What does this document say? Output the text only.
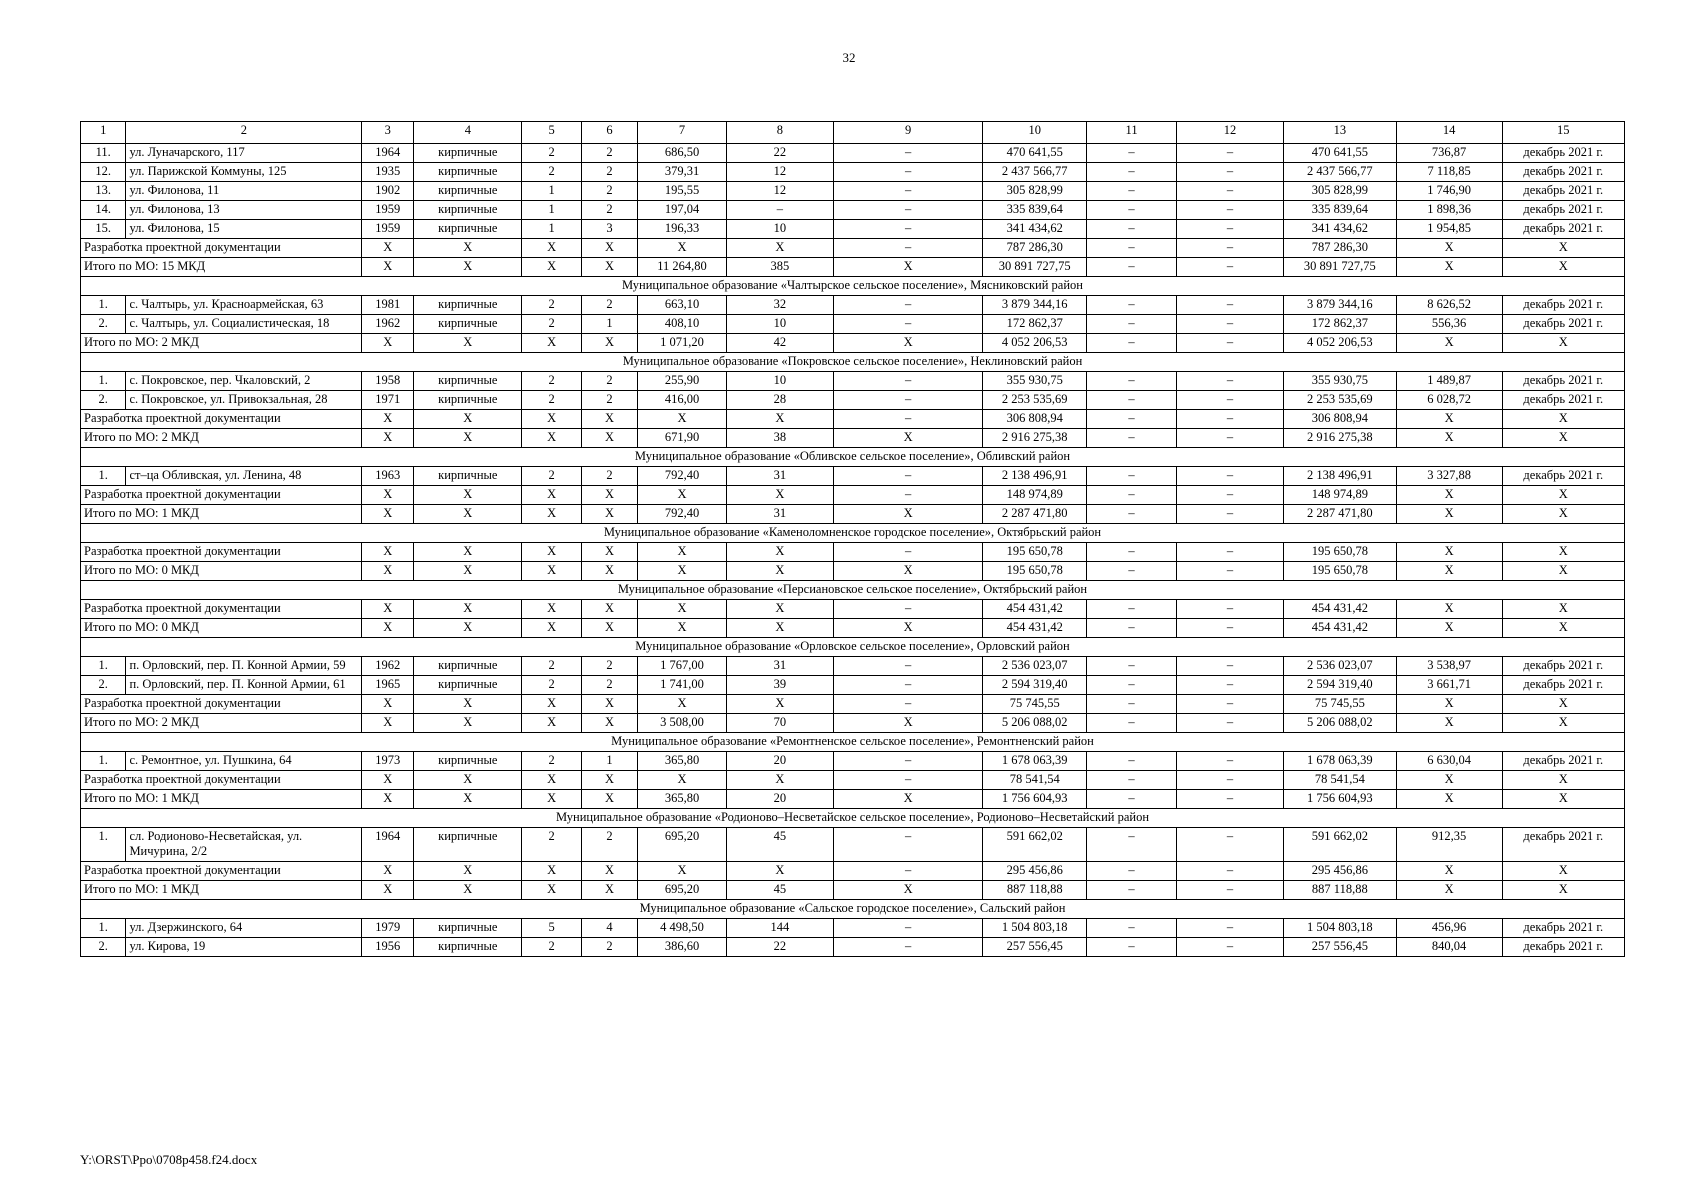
32
1	2	3	4	5	6	7	8	9	10	11	12	13	14	15
11.	ул. Луначарского, 117	1964	кирпичные	2	2	686,50	22	–	470 641,55	–	–	470 641,55	736,87	декабрь 2021 г.
12.	ул. Парижской Коммуны, 125	1935	кирпичные	2	2	379,31	12	–	2 437 566,77	–	–	2 437 566,77	7 118,85	декабрь 2021 г.
13.	ул. Филонова, 11	1902	кирпичные	1	2	195,55	12	–	305 828,99	–	–	305 828,99	1 746,90	декабрь 2021 г.
14.	ул. Филонова, 13	1959	кирпичные	1	2	197,04	–	–	335 839,64	–	–	335 839,64	1 898,36	декабрь 2021 г.
15.	ул. Филонова, 15	1959	кирпичные	1	3	196,33	10	–	341 434,62	–	–	341 434,62	1 954,85	декабрь 2021 г.
Разработка проектной документации		X	X	X	X	X	X	–	787 286,30	–	–	787 286,30	X	X
Итого по МО: 15 МКД		X	X	X	X	11 264,80	385	X	30 891 727,75	–	–	30 891 727,75	X	X
Муниципальное образование «Чалтырское сельское поселение», Мясниковский район														
1.	с. Чалтырь, ул. Красноармейская, 63	1981	кирпичные	2	2	663,10	32	–	3 879 344,16	–	–	3 879 344,16	8 626,52	декабрь 2021 г.
2.	с. Чалтырь, ул. Социалистическая, 18	1962	кирпичные	2	1	408,10	10	–	172 862,37	–	–	172 862,37	556,36	декабрь 2021 г.
Итого по МО: 2 МКД		X	X	X	X	1 071,20	42	X	4 052 206,53	–	–	4 052 206,53	X	X
Муниципальное образование «Покровское сельское поселение», Неклиновский район														
1.	с. Покровское, пер. Чкаловский, 2	1958	кирпичные	2	2	255,90	10	–	355 930,75	–	–	355 930,75	1 489,87	декабрь 2021 г.
2.	с. Покровское, ул. Привокзальная, 28	1971	кирпичные	2	2	416,00	28	–	2 253 535,69	–	–	2 253 535,69	6 028,72	декабрь 2021 г.
Разработка проектной документации		X	X	X	X	X	X	–	306 808,94	–	–	306 808,94	X	X
Итого по МО: 2 МКД		X	X	X	X	671,90	38	X	2 916 275,38	–	–	2 916 275,38	X	X
Муниципальное образование «Обливское сельское поселение», Обливский район														
1.	ст–ца Обливская, ул. Ленина, 48	1963	кирпичные	2	2	792,40	31	–	2 138 496,91	–	–	2 138 496,91	3 327,88	декабрь 2021 г.
Разработка проектной документации		X	X	X	X	X	X	–	148 974,89	–	–	148 974,89	X	X
Итого по МО: 1 МКД		X	X	X	X	792,40	31	X	2 287 471,80	–	–	2 287 471,80	X	X
Муниципальное образование «Каменоломненское городское поселение», Октябрьский район														
Разработка проектной документации		X	X	X	X	X	X	–	195 650,78	–	–	195 650,78	X	X
Итого по МО: 0 МКД		X	X	X	X	X	X	X	195 650,78	–	–	195 650,78	X	X
Муниципальное образование «Персиановское сельское поселение», Октябрьский район														
Разработка проектной документации		X	X	X	X	X	X	–	454 431,42	–	–	454 431,42	X	X
Итого по МО: 0 МКД		X	X	X	X	X	X	X	454 431,42	–	–	454 431,42	X	X
Муниципальное образование «Орловское сельское поселение», Орловский район														
1.	п. Орловский, пер. П. Конной Армии, 59	1962	кирпичные	2	2	1 767,00	31	–	2 536 023,07	–	–	2 536 023,07	3 538,97	декабрь 2021 г.
2.	п. Орловский, пер. П. Конной Армии, 61	1965	кирпичные	2	2	1 741,00	39	–	2 594 319,40	–	–	2 594 319,40	3 661,71	декабрь 2021 г.
Разработка проектной документации		X	X	X	X	X	X	–	75 745,55	–	–	75 745,55	X	X
Итого по МО: 2 МКД		X	X	X	X	3 508,00	70	X	5 206 088,02	–	–	5 206 088,02	X	X
Муниципальное образование «Ремонтненское сельское поселение», Ремонтненский район														
1.	с. Ремонтное, ул. Пушкина, 64	1973	кирпичные	2	1	365,80	20	–	1 678 063,39	–	–	1 678 063,39	6 630,04	декабрь 2021 г.
Разработка проектной документации		X	X	X	X	X	X	–	78 541,54	–	–	78 541,54	X	X
Итого по МО: 1 МКД		X	X	X	X	365,80	20	X	1 756 604,93	–	–	1 756 604,93	X	X
Муниципальное образование «Родионово–Несветайское сельское поселение», Родионово–Несветайский район														
1.	сл. Родионово-Несветайская, ул. Мичурина, 2/2	1964	кирпичные	2	2	695,20	45	–	591 662,02	–	–	591 662,02	912,35	декабрь 2021 г.
Разработка проектной документации		X	X	X	X	X	X	–	295 456,86	–	–	295 456,86	X	X
Итого по МО: 1 МКД		X	X	X	X	695,20	45	X	887 118,88	–	–	887 118,88	X	X
Муниципальное образование «Сальское городское поселение», Сальский район														
1.	ул. Дзержинского, 64	1979	кирпичные	5	4	4 498,50	144	–	1 504 803,18	–	–	1 504 803,18	456,96	декабрь 2021 г.
2.	ул. Кирова, 19	1956	кирпичные	2	2	386,60	22	–	257 556,45	–	–	257 556,45	840,04	декабрь 2021 г.
Y:\ORST\Ppo\0708p458.f24.docx
